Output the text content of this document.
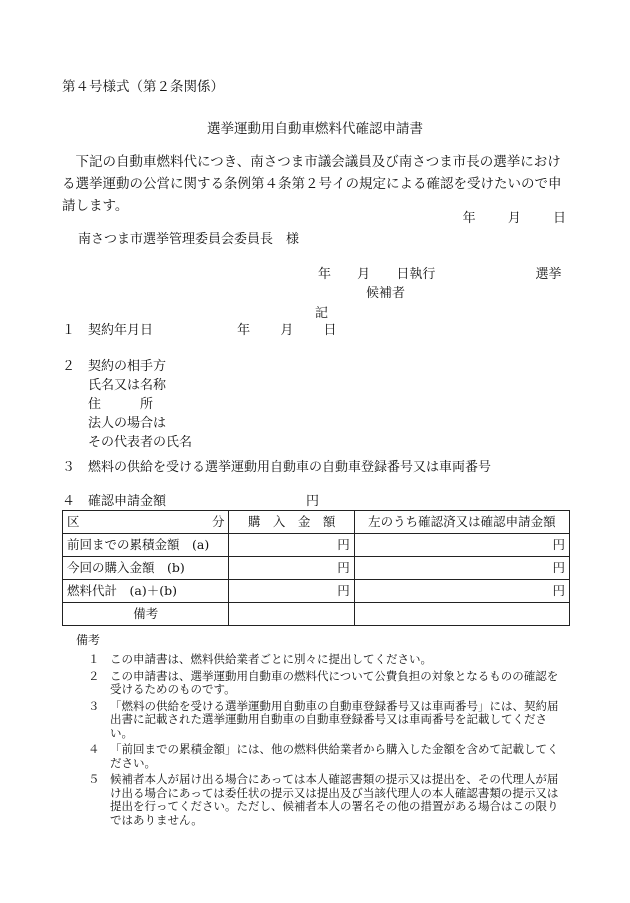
第４号様式（第２条関係）
選挙運動用自動車燃料代確認申請書

下記の自動車燃料代につき、南さつま市議会議員及び南さつま市長の選挙における選挙運動の公営に関する条例第４条第２号イの規定による確認を受けたいので申請します。

年 月 日
南さつま市選挙管理委員会委員長　様
年 月 日執行	選挙
候補者
記
１ 契約年月日	年 月 日
２ 契約の相手方
氏名又は名称
住　　　所
法人の場合は
その代表者の氏名
３ 燃料の供給を受ける選挙運動用自動車の自動車登録番号又は車両番号
４ 確認申請金額	円
区 分	購　入　金　額	左のうち確認済又は確認申請金額
前回までの累積金額　(a)	円	円
今回の購入金額　(b)	円	円
燃料代計　(a)＋(b)	円	円
備考		
備考
１ この申請書は、燃料供給業者ごとに別々に提出してください。
２ この申請書は、選挙運動用自動車の燃料代について公費負担の対象となるものの確認を受けるためのものです。
３ 「燃料の供給を受ける選挙運動用自動車の自動車登録番号又は車両番号」には、契約届出書に記載された選挙運動用自動車の自動車登録番号又は車両番号を記載してください。
４ 「前回までの累積金額」には、他の燃料供給業者から購入した金額を含めて記載してください。
５ 候補者本人が届け出る場合にあっては本人確認書類の提示又は提出を、その代理人が届け出る場合にあっては委任状の提示又は提出及び当該代理人の本人確認書類の提示又は提出を行ってください。ただし、候補者本人の署名その他の措置がある場合はこの限りではありません。
